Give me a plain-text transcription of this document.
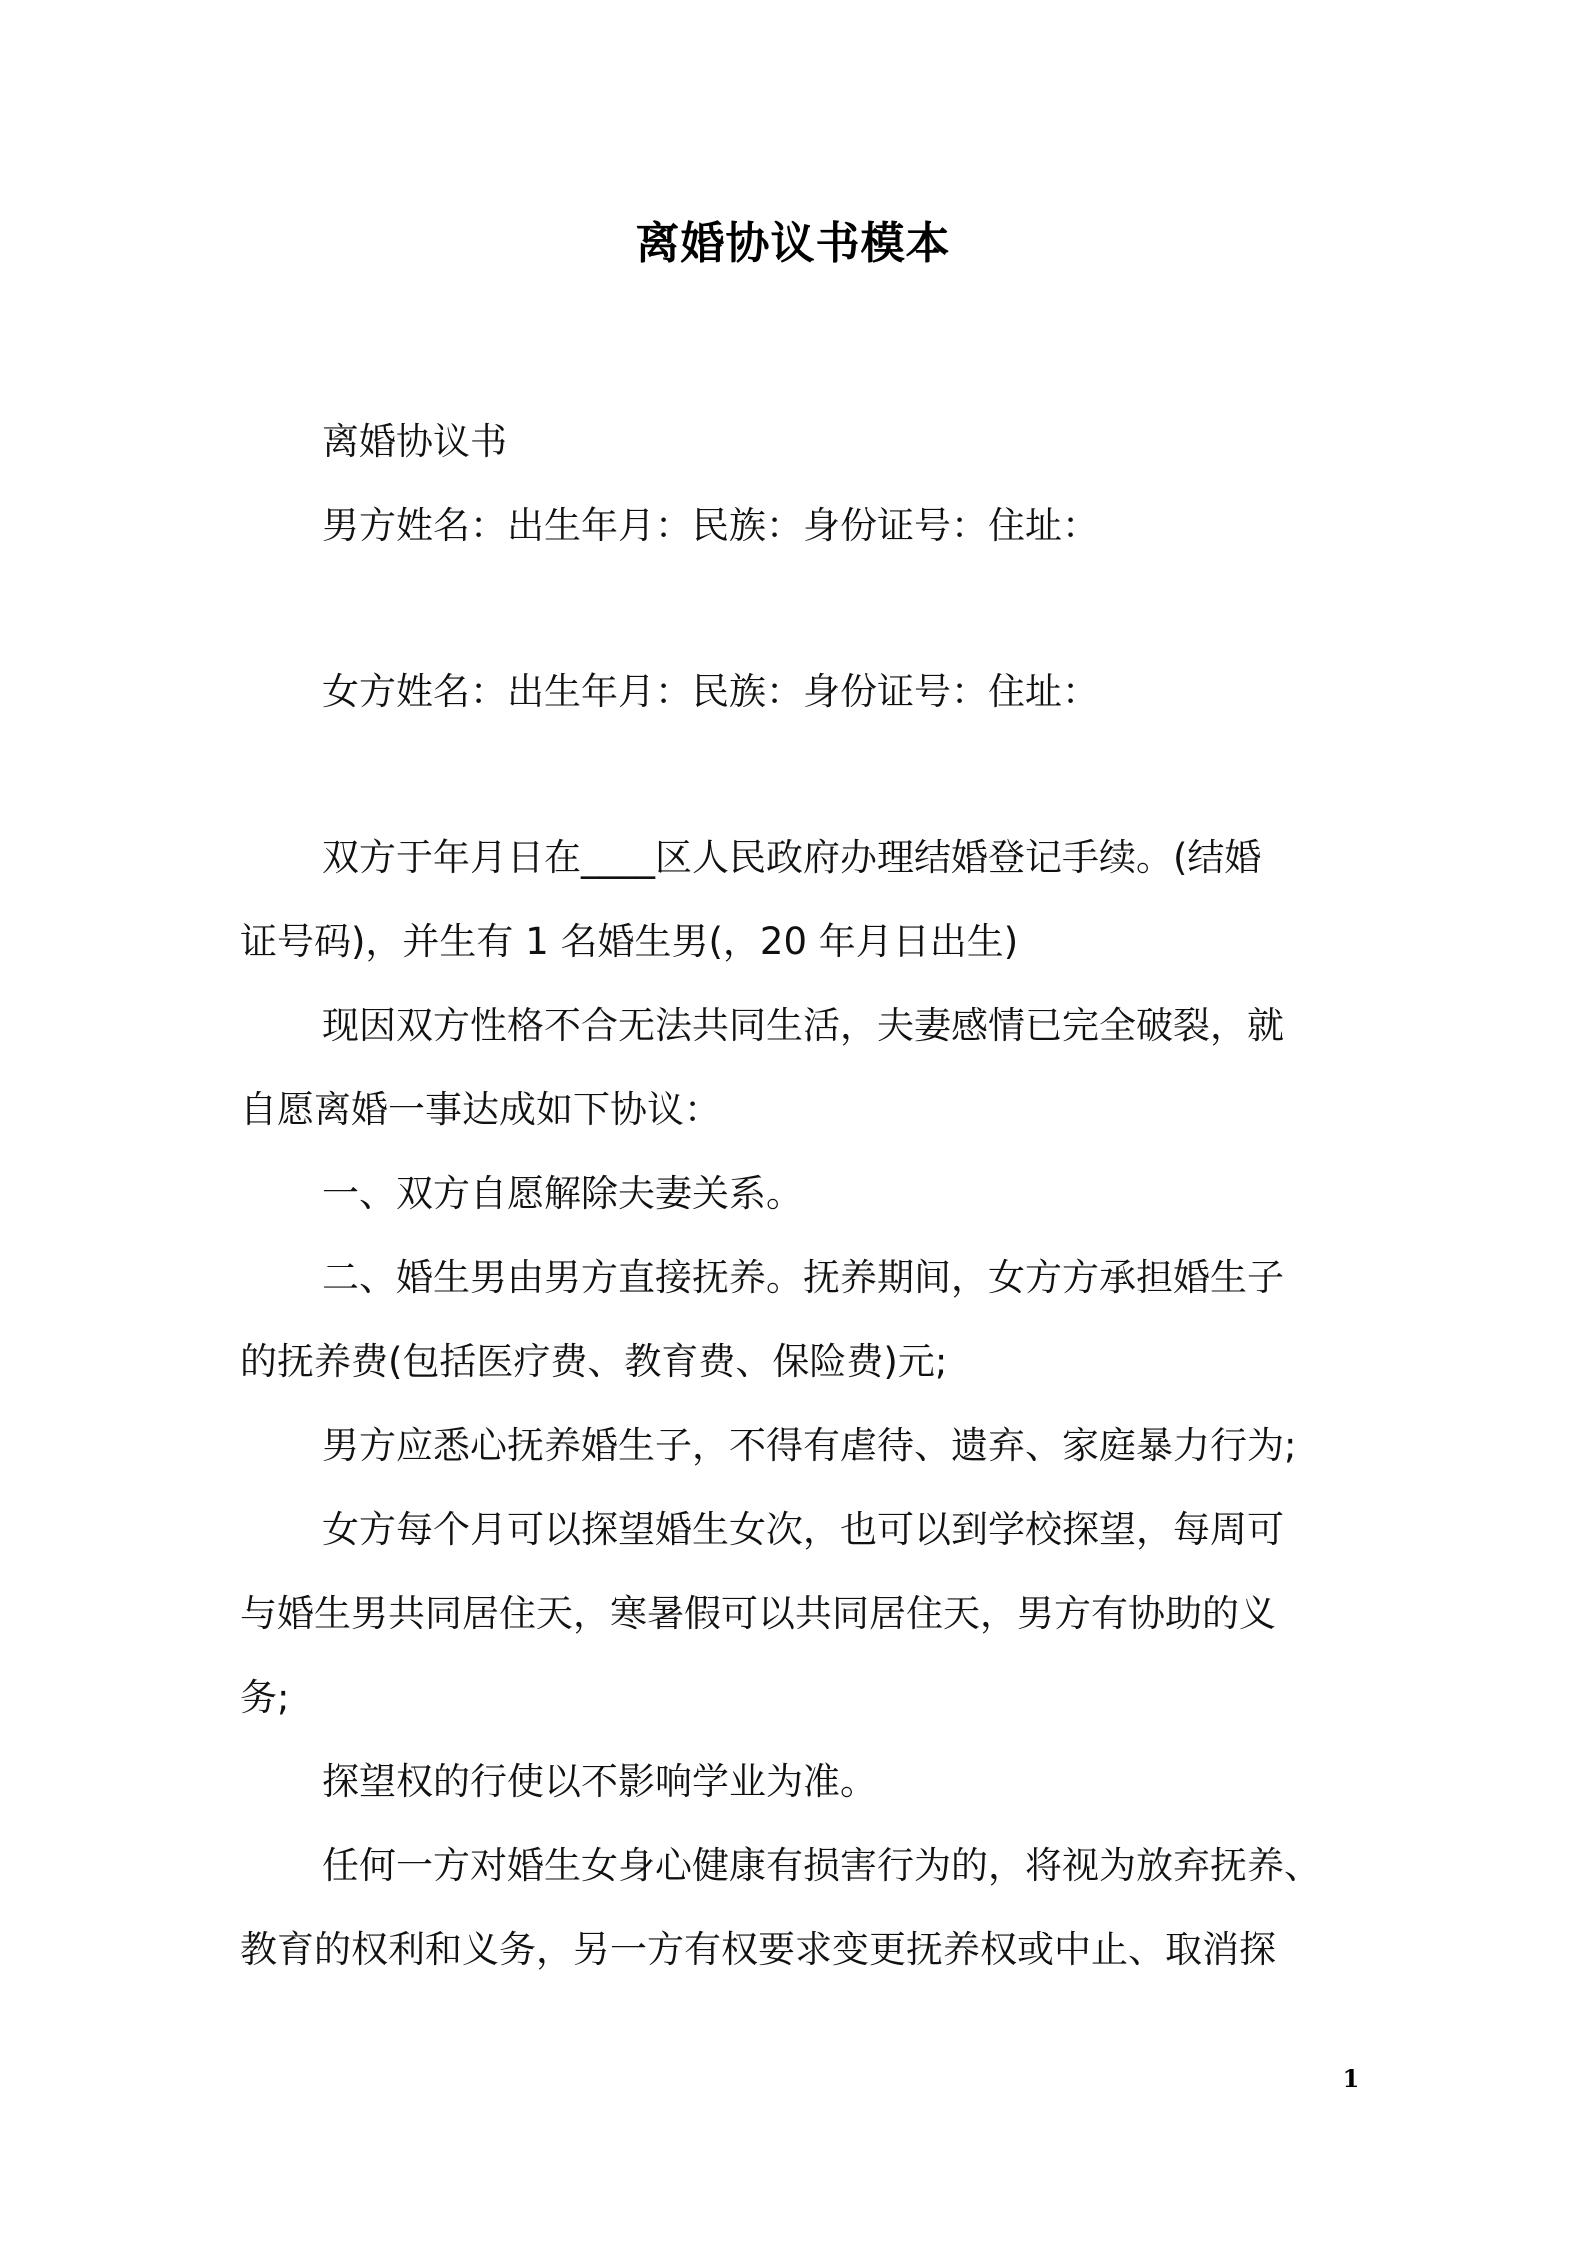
离婚协议书模本

离婚协议书

男方姓名：出生年月：民族：身份证号：住址：

女方姓名：出生年月：民族：身份证号：住址：

双方于年月日在____区人民政府办理结婚登记手续。(结婚

证号码)，并生有 1 名婚生男(，20 年月日出生)

现因双方性格不合无法共同生活，夫妻感情已完全破裂，就

自愿离婚一事达成如下协议：

一、双方自愿解除夫妻关系。

二、婚生男由男方直接抚养。抚养期间，女方方承担婚生子

的抚养费(包括医疗费、教育费、保险费)元;

男方应悉心抚养婚生子，不得有虐待、遗弃、家庭暴力行为;

女方每个月可以探望婚生女次，也可以到学校探望，每周可

与婚生男共同居住天，寒暑假可以共同居住天，男方有协助的义

务;

探望权的行使以不影响学业为准。

任何一方对婚生女身心健康有损害行为的，将视为放弃抚养、

教育的权利和义务，另一方有权要求变更抚养权或中止、取消探

1
